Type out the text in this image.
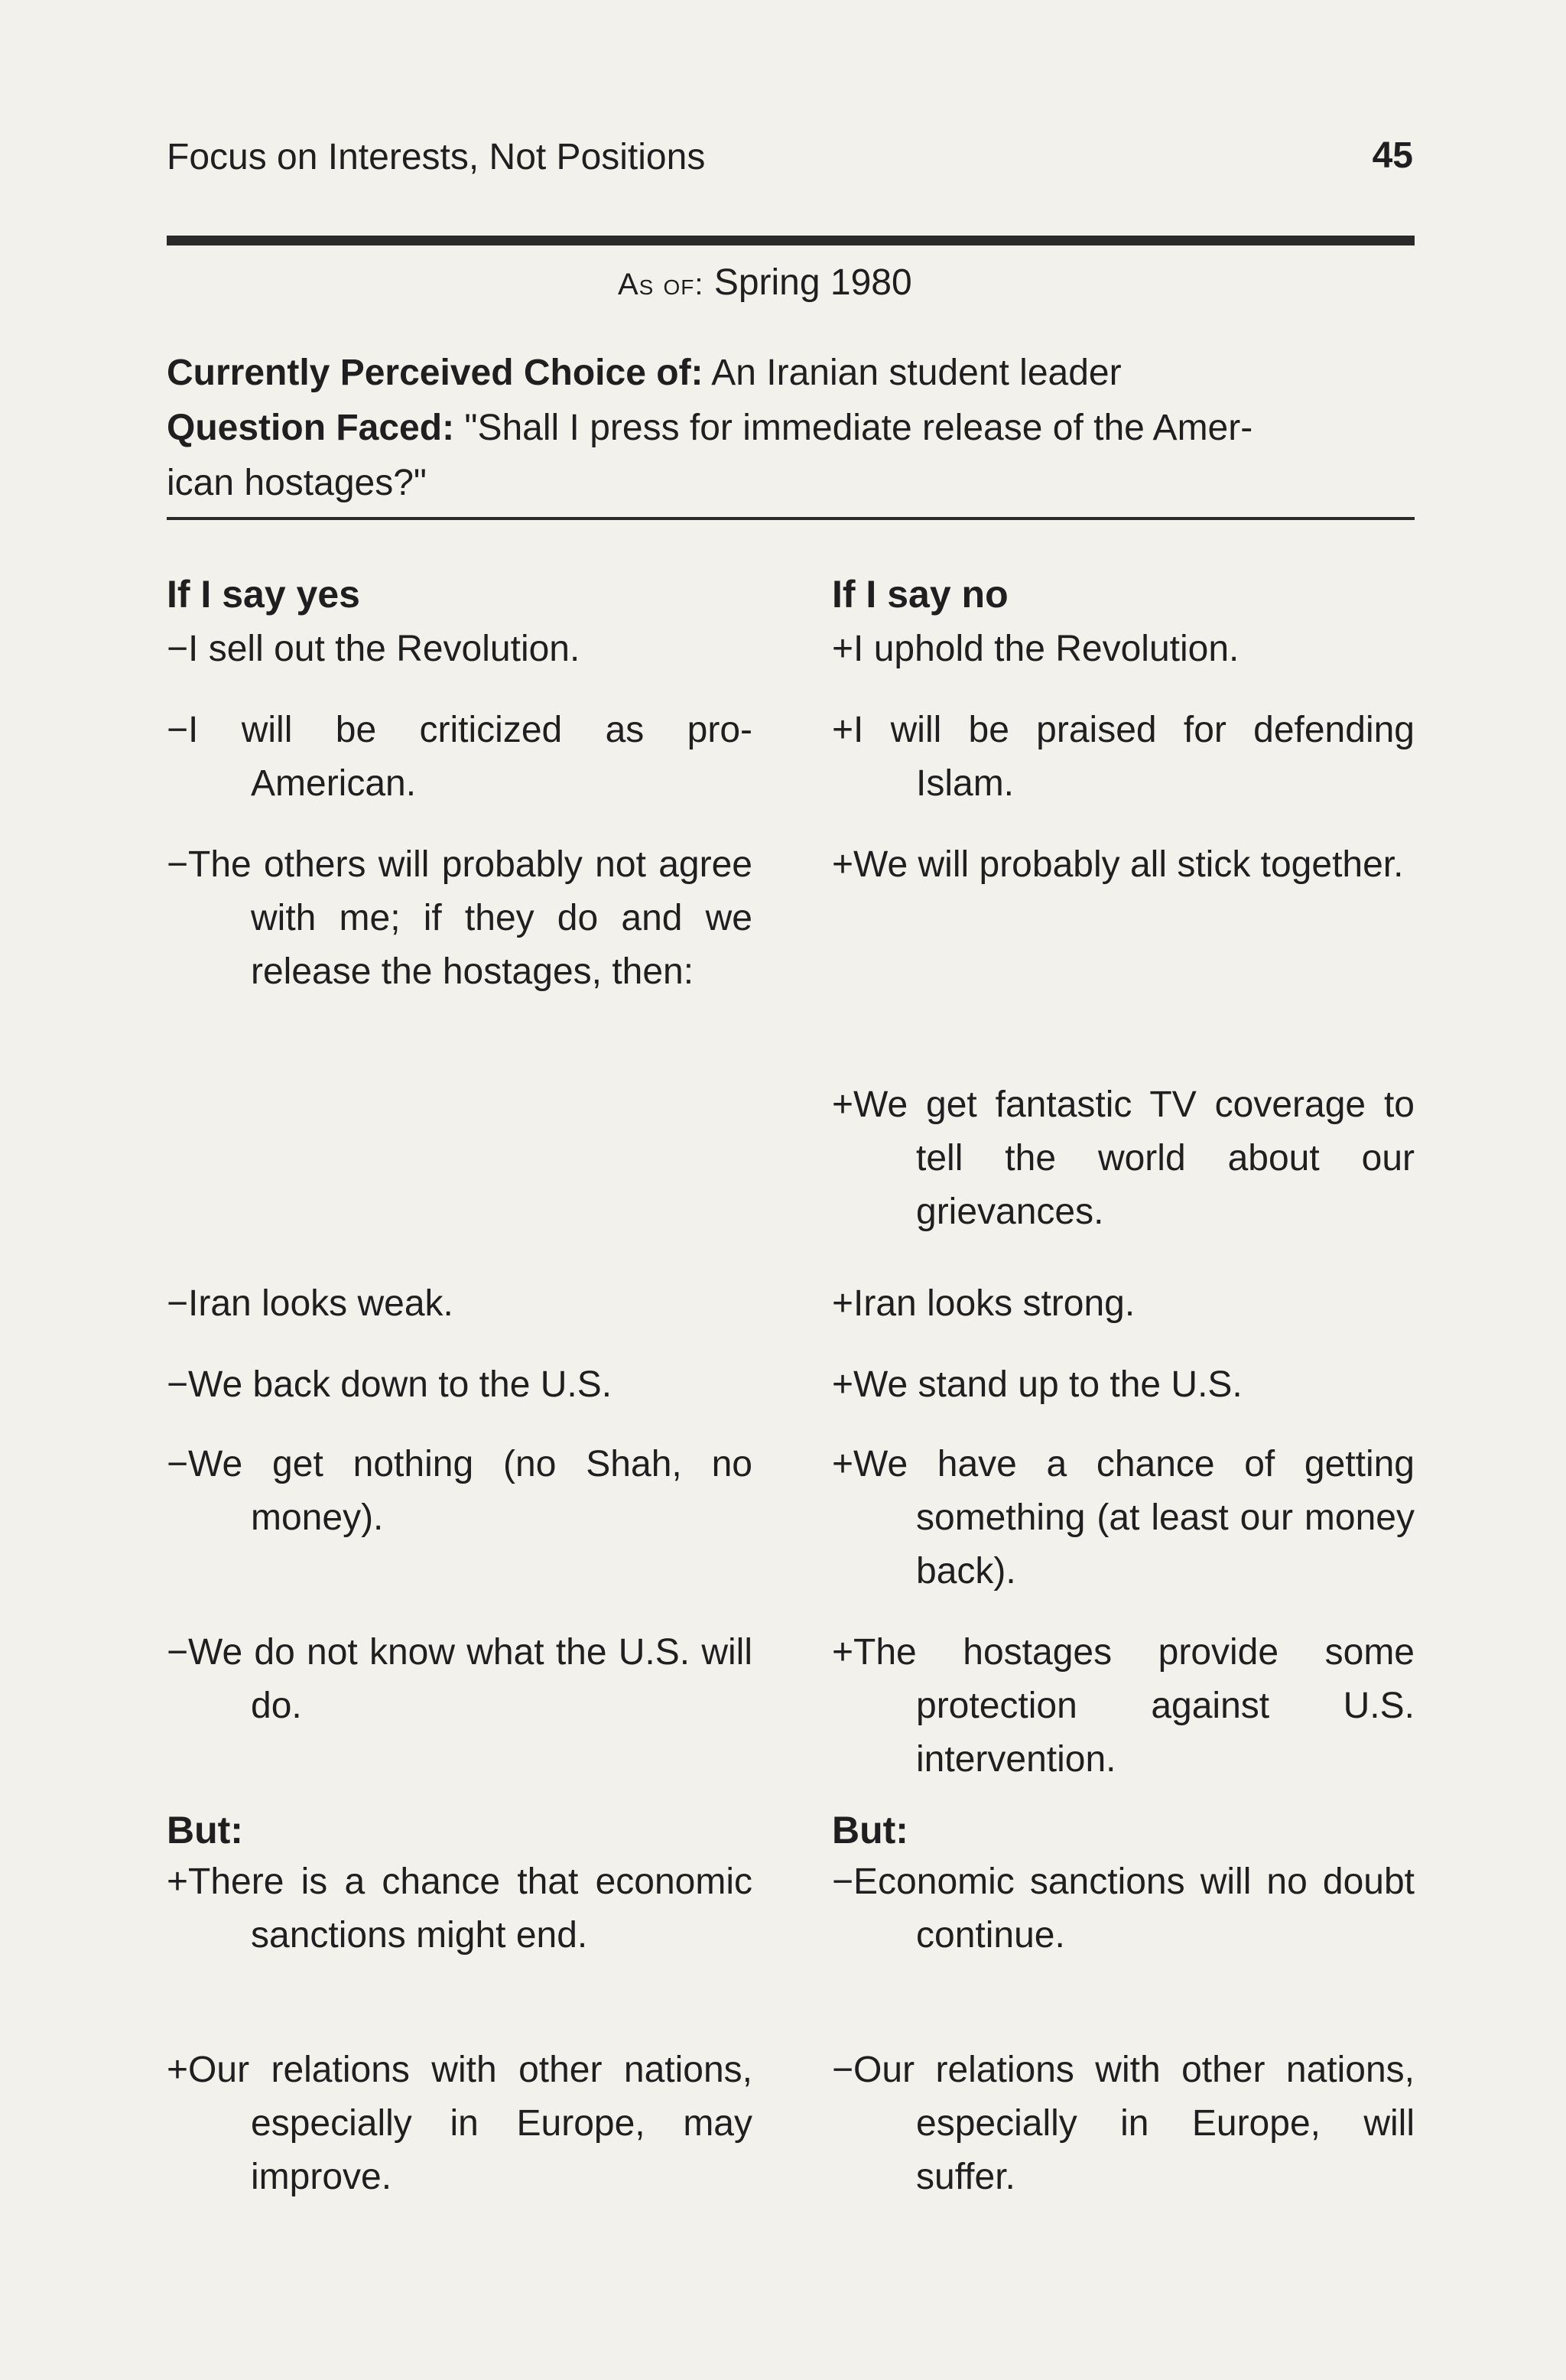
Focus on Interests, Not Positions	45
As of: Spring 1980
Currently Perceived Choice of: An Iranian student leader
Question Faced: "Shall I press for immediate release of the Amer-
ican hostages?"
If I say yes
−I sell out the Revolution.
−I will be criticized as pro-American.
−The others will probably not agree with me; if they do and we release the hostages, then:
−Iran looks weak.
−We back down to the U.S.
−We get nothing (no Shah, no money).
−We do not know what the U.S. will do.
But:
+There is a chance that economic sanctions might end.
+Our relations with other nations, especially in Europe, may improve.
If I say no
+I uphold the Revolution.
+I will be praised for defending Islam.
+We will probably all stick together.
+We get fantastic TV coverage to tell the world about our grievances.
+Iran looks strong.
+We stand up to the U.S.
+We have a chance of getting something (at least our money back).
+The hostages provide some protection against U.S. intervention.
But:
−Economic sanctions will no doubt continue.
−Our relations with other nations, especially in Europe, will suffer.
